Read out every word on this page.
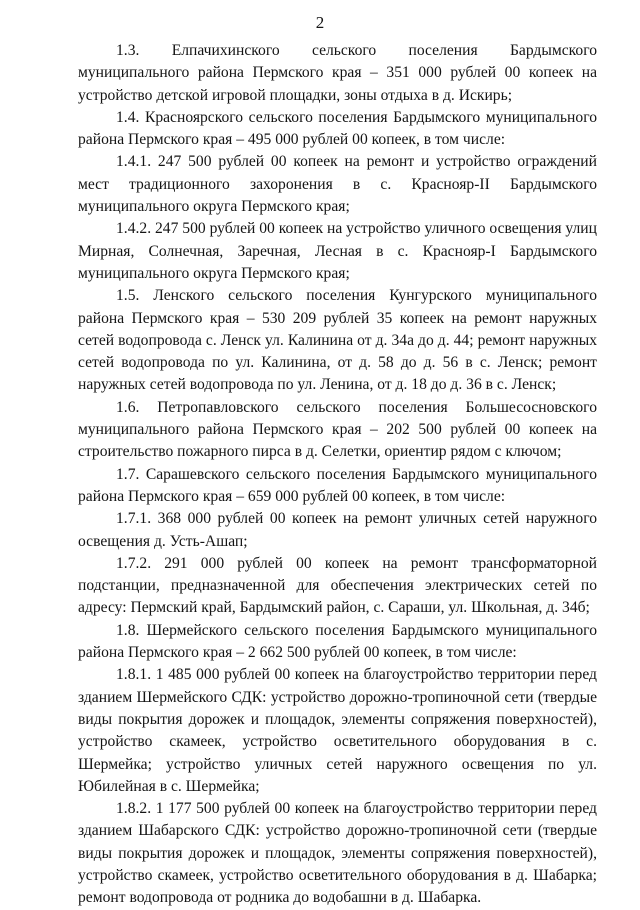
2

1.3. Елпачихинского сельского поселения Бардымского муниципального района Пермского края – 351 000 рублей 00 копеек на устройство детской игровой площадки, зоны отдыха в д. Искирь;

1.4. Красноярского сельского поселения Бардымского муниципального района Пермского края – 495 000 рублей 00 копеек, в том числе:

1.4.1. 247 500 рублей 00 копеек на ремонт и устройство ограждений мест традиционного захоронения в с. Краснояр-II Бардымского муниципального округа Пермского края;

1.4.2. 247 500 рублей 00 копеек на устройство уличного освещения улиц Мирная, Солнечная, Заречная, Лесная в с. Краснояр-I Бардымского муниципального округа Пермского края;

1.5. Ленского сельского поселения Кунгурского муниципального района Пермского края – 530 209 рублей 35 копеек на ремонт наружных сетей водопровода с. Ленск ул. Калинина от д. 34а до д. 44; ремонт наружных сетей водопровода по ул. Калинина, от д. 58 до д. 56 в с. Ленск; ремонт наружных сетей водопровода по ул. Ленина, от д. 18 до д. 36 в с. Ленск;

1.6. Петропавловского сельского поселения Большесосновского муниципального района Пермского края – 202 500 рублей 00 копеек на строительство пожарного пирса в д. Селетки, ориентир рядом с ключом;

1.7. Сарашевского сельского поселения Бардымского муниципального района Пермского края – 659 000 рублей 00 копеек, в том числе:

1.7.1. 368 000 рублей 00 копеек на ремонт уличных сетей наружного освещения д. Усть-Ашап;

1.7.2. 291 000 рублей 00 копеек на ремонт трансформаторной подстанции, предназначенной для обеспечения электрических сетей по адресу: Пермский край, Бардымский район, с. Сараши, ул. Школьная, д. 34б;

1.8. Шермейского сельского поселения Бардымского муниципального района Пермского края – 2 662 500 рублей 00 копеек, в том числе:

1.8.1. 1 485 000 рублей 00 копеек на благоустройство территории перед зданием Шермейского СДК: устройство дорожно-тропиночной сети (твердые виды покрытия дорожек и площадок, элементы сопряжения поверхностей), устройство скамеек, устройство осветительного оборудования в с. Шермейка; устройство уличных сетей наружного освещения по ул. Юбилейная в с. Шермейка;

1.8.2. 1 177 500 рублей 00 копеек на благоустройство территории перед зданием Шабарского СДК: устройство дорожно-тропиночной сети (твердые виды покрытия дорожек и площадок, элементы сопряжения поверхностей), устройство скамеек, устройство осветительного оборудования в д. Шабарка; ремонт водопровода от родника до водобашни в д. Шабарка.
